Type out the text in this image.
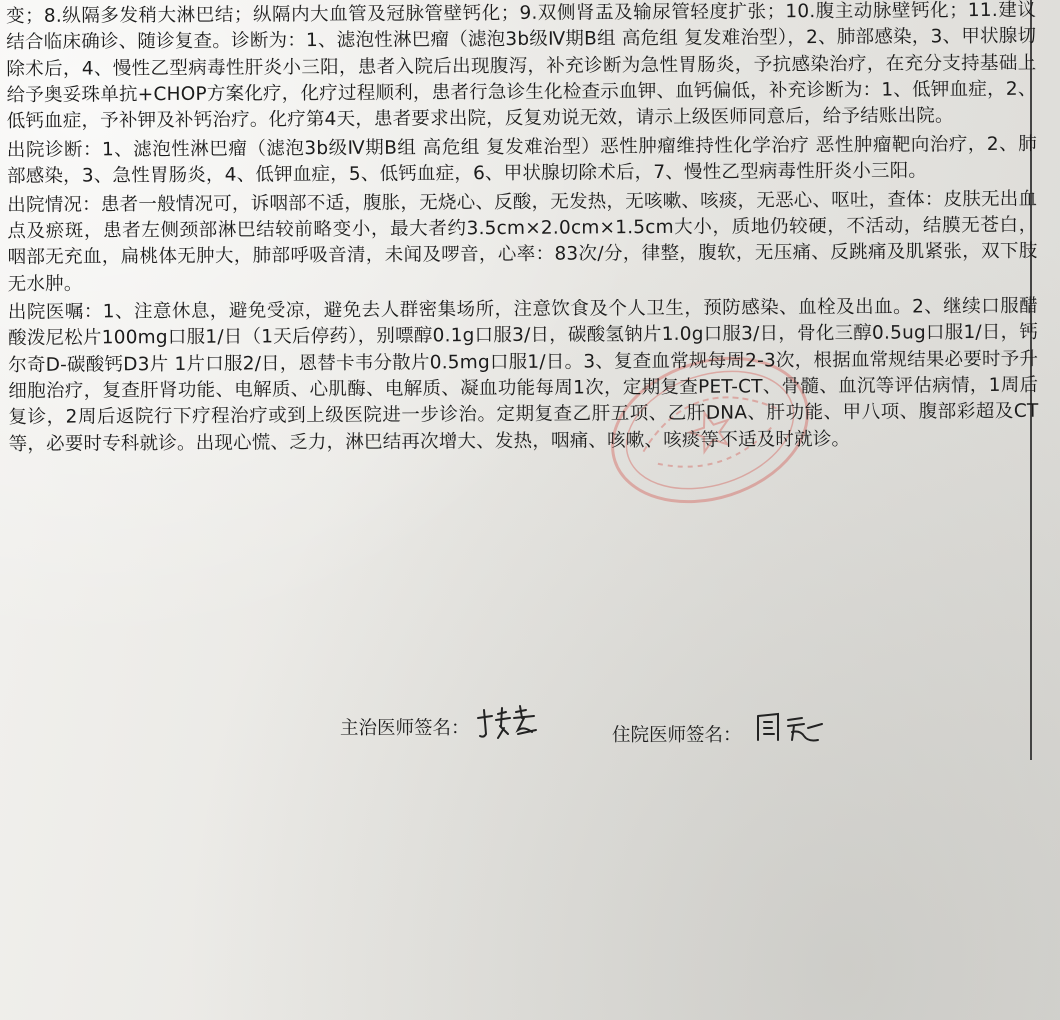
变；8.纵隔多发稍大淋巴结；纵隔内大血管及冠脉管壁钙化；9.双侧肾盂及输尿管轻度扩张；10.腹主动脉壁钙化；11.建议结合临床确诊、随诊复查。诊断为：1、滤泡性淋巴瘤（滤泡3b级Ⅳ期B组 高危组 复发难治型），2、肺部感染，3、甲状腺切除术后，4、慢性乙型病毒性肝炎小三阳，患者入院后出现腹泻，补充诊断为急性胃肠炎，予抗感染治疗，在充分支持基础上给予奥妥珠单抗+CHOP方案化疗，化疗过程顺利，患者行急诊生化检查示血钾、血钙偏低，补充诊断为：1、低钾血症，2、低钙血症，予补钾及补钙治疗。化疗第4天，患者要求出院，反复劝说无效，请示上级医师同意后，给予结账出院。

出院诊断：1、滤泡性淋巴瘤（滤泡3b级Ⅳ期B组 高危组 复发难治型）恶性肿瘤维持性化学治疗 恶性肿瘤靶向治疗，2、肺部感染，3、急性胃肠炎，4、低钾血症，5、低钙血症，6、甲状腺切除术后，7、慢性乙型病毒性肝炎小三阳。

出院情况：患者一般情况可，诉咽部不适，腹胀，无烧心、反酸，无发热，无咳嗽、咳痰，无恶心、呕吐，查体：皮肤无出血点及瘀斑，患者左侧颈部淋巴结较前略变小，最大者约3.5cm×2.0cm×1.5cm大小，质地仍较硬，不活动，结膜无苍白，咽部无充血，扁桃体无肿大，肺部呼吸音清，未闻及啰音，心率：83次/分，律整，腹软，无压痛、反跳痛及肌紧张，双下肢无水肿。

出院医嘱：1、注意休息，避免受凉，避免去人群密集场所，注意饮食及个人卫生，预防感染、血栓及出血。2、继续口服醋酸泼尼松片100mg口服1/日（1天后停药），别嘌醇0.1g口服3/日，碳酸氢钠片1.0g口服3/日，骨化三醇0.5ug口服1/日，钙尔奇D-碳酸钙D3片 1片口服2/日，恩替卡韦分散片0.5mg口服1/日。3、复查血常规每周2-3次，根据血常规结果必要时予升细胞治疗，复查肝肾功能、电解质、心肌酶、电解质、凝血功能每周1次，定期复查PET-CT、骨髓、血沉等评估病情，1周后复诊，2周后返院行下疗程治疗或到上级医院进一步诊治。定期复查乙肝五项、乙肝DNA、肝功能、甲八项、腹部彩超及CT等，必要时专科就诊。出现心慌、乏力，淋巴结再次增大、发热，咽痛、咳嗽、咳痰等不适及时就诊。

主治医师签名：	住院医师签名：
